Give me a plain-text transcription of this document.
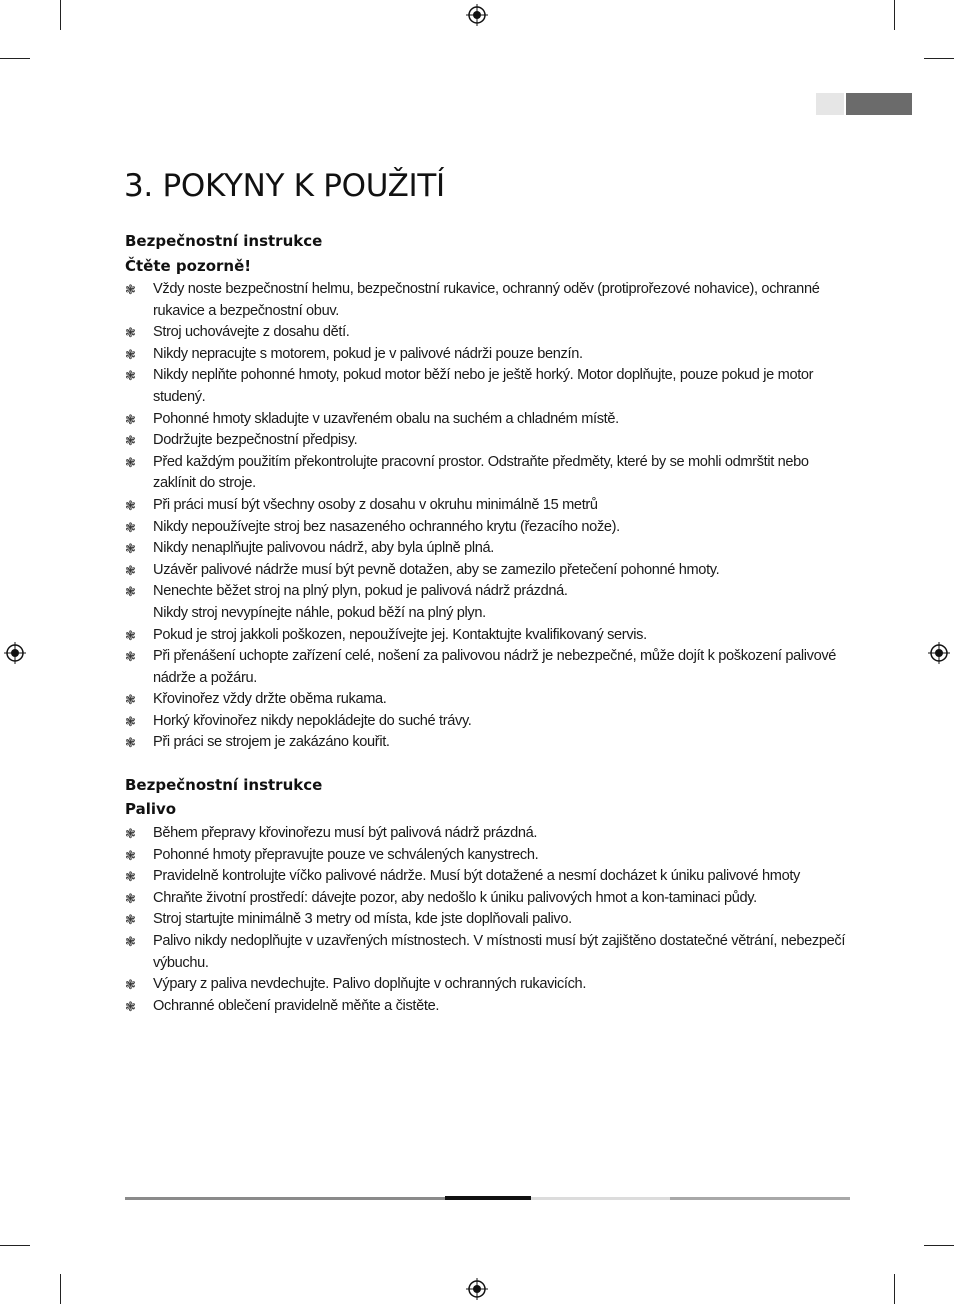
3. POKYNY K POUŽITÍ
Bezpečnostní instrukce
Čtěte pozorně!
❃ Vždy noste bezpečnostní helmu, bezpečnostní rukavice, ochranný oděv (protiprořezové nohavice), ochranné rukavice a bezpečnostní obuv.
❃ Stroj uchovávejte z dosahu dětí.
❃ Nikdy nepracujte s motorem, pokud je v palivové nádrži pouze benzín.
❃ Nikdy neplňte pohonné hmoty, pokud motor běží nebo je ještě horký. Motor doplňujte, pouze pokud je motor studený.
❃ Pohonné hmoty skladujte v uzavřeném obalu na suchém a chladném místě.
❃ Dodržujte bezpečnostní předpisy.
❃ Před každým použitím překontrolujte pracovní prostor. Odstraňte předměty, které by se mohli odmrštit nebo zaklínit do stroje.
❃ Při práci musí být všechny osoby z dosahu v okruhu minimálně 15 metrů
❃ Nikdy nepoužívejte stroj bez nasazeného ochranného krytu (řezacího nože).
❃ Nikdy nenaplňujte palivovou nádrž, aby byla úplně plná.
❃ Uzávěr palivové nádrže musí být pevně dotažen, aby se zamezilo přetečení pohonné hmoty.
❃ Nenechte běžet stroj na plný plyn, pokud je palivová nádrž prázdná.
Nikdy stroj nevypínejte náhle, pokud běží na plný plyn.
❃ Pokud je stroj jakkoli poškozen, nepoužívejte jej. Kontaktujte kvalifikovaný servis.
❃ Při přenášení uchopte zařízení celé, nošení za palivovou nádrž je nebezpečné, může dojít k poškození palivové nádrže a požáru.
❃ Křovinořez vždy držte oběma rukama.
❃ Horký křovinořez nikdy nepokládejte do suché trávy.
❃ Při práci se strojem je zakázáno kouřit.
Bezpečnostní instrukce
Palivo
❃ Během přepravy křovinořezu musí být palivová nádrž prázdná.
❃ Pohonné hmoty přepravujte pouze ve schválených kanystrech.
❃ Pravidelně kontrolujte víčko palivové nádrže. Musí být dotažené a nesmí docházet k úniku palivové hmoty
❃ Chraňte životní prostředí: dávejte pozor, aby nedošlo k úniku palivových hmot a kon-taminaci půdy.
❃ Stroj startujte minimálně 3 metry od místa, kde jste doplňovali palivo.
❃ Palivo nikdy nedoplňujte v uzavřených místnostech. V místnosti musí být zajištěno dostatečné větrání, nebezpečí výbuchu.
❃ Výpary z paliva nevdechujte. Palivo doplňujte v ochranných rukavicích.
❃ Ochranné oblečení pravidelně měňte a čistěte.
